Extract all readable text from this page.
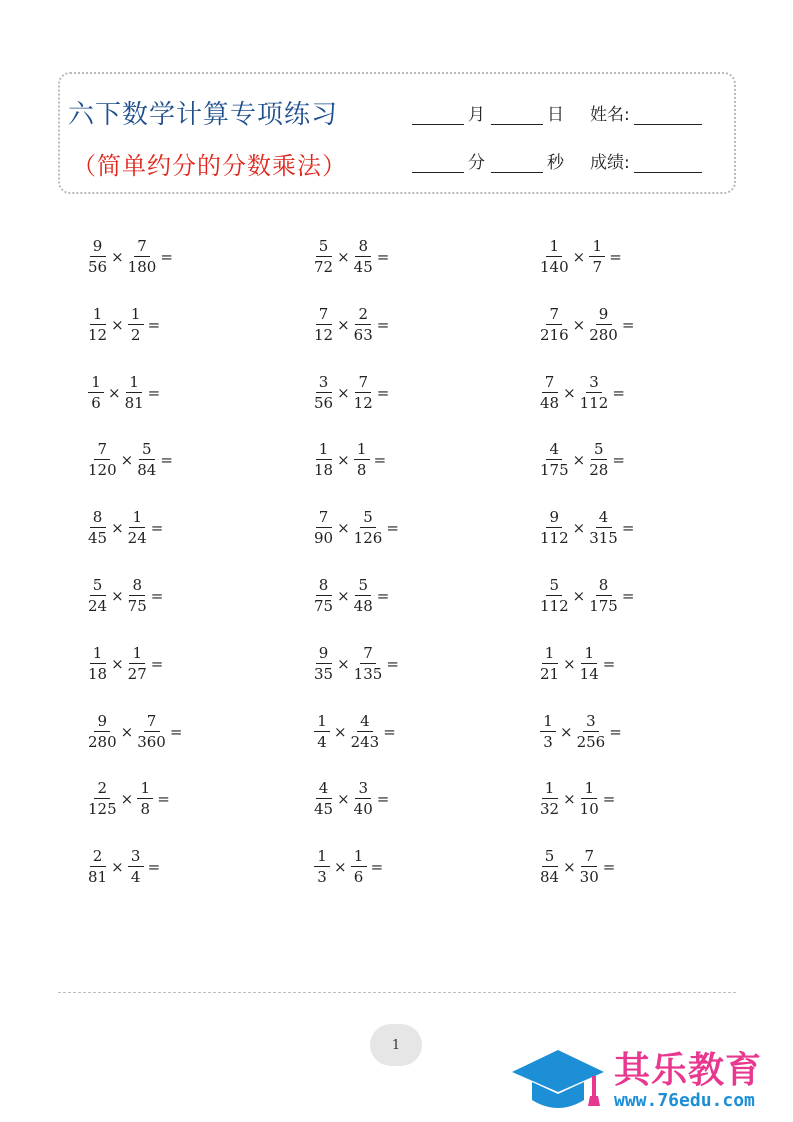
六下数学计算专项练习
（简单约分的分数乘法）
月	日 姓名:
分	秒 成绩:
$\frac{9}{56} \times \frac{7}{180}$ =	$\frac{5}{72} \times \frac{8}{45}$ =	$\frac{1}{140} \times \frac{1}{7}$ =
$\frac{1}{12} \times \frac{1}{2}$ =	$\frac{7}{12} \times \frac{2}{63}$ =	$\frac{7}{216} \times \frac{9}{280}$ =
$\frac{1}{6} \times \frac{1}{81}$ =	$\frac{3}{56} \times \frac{7}{12}$ =	$\frac{7}{48} \times \frac{3}{112}$ =
$\frac{7}{120} \times \frac{5}{84}$ =	$\frac{1}{18} \times \frac{1}{8}$ =	$\frac{4}{175} \times \frac{5}{28}$ =
$\frac{8}{45} \times \frac{1}{24}$ =	$\frac{7}{90} \times \frac{5}{126}$ =	$\frac{9}{112} \times \frac{4}{315}$ =
$\frac{5}{24} \times \frac{8}{75}$ =	$\frac{8}{75} \times \frac{5}{48}$ =	$\frac{5}{112} \times \frac{8}{175}$ =
$\frac{1}{18} \times \frac{1}{27}$ =	$\frac{9}{35} \times \frac{7}{135}$ =	$\frac{1}{21} \times \frac{1}{14}$ =
$\frac{9}{280} \times \frac{7}{360}$ =	$\frac{1}{4} \times \frac{4}{243}$ =	$\frac{1}{3} \times \frac{3}{256}$ =
$\frac{2}{125} \times \frac{1}{8}$ =	$\frac{4}{45} \times \frac{3}{40}$ =	$\frac{1}{32} \times \frac{1}{10}$ =
$\frac{2}{81} \times \frac{3}{4}$ =	$\frac{1}{3} \times \frac{1}{6}$ =	$\frac{5}{84} \times \frac{7}{30}$ =
1
其乐教育
www.76edu.com
